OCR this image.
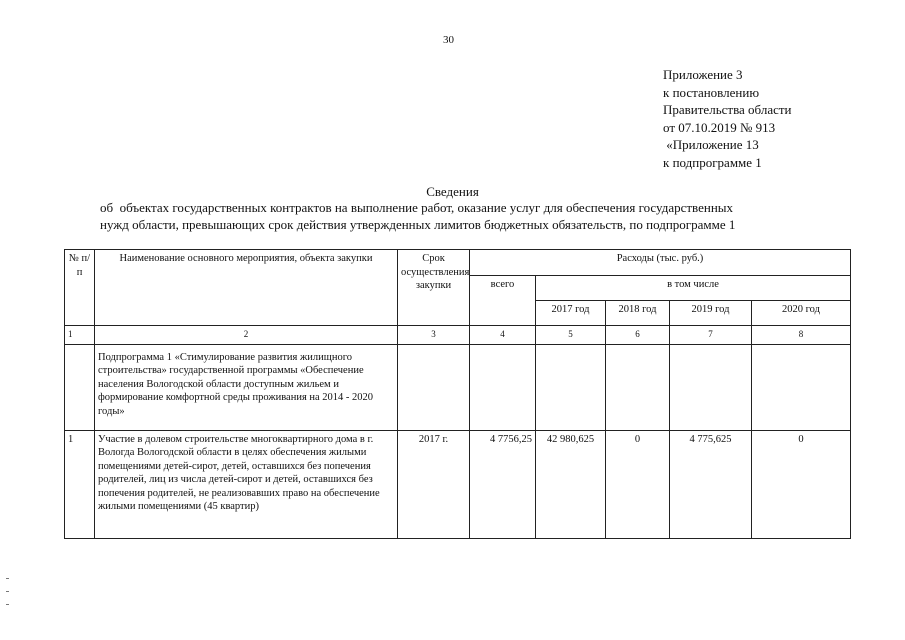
30
Приложение 3
к постановлению
Правительства области
от 07.10.2019 № 913
«Приложение 13
к подпрограмме 1
Сведения
об  объектах государственных контрактов на выполнение работ, оказание услуг для обеспечения государственных
нужд области, превышающих срок действия утвержденных лимитов бюджетных обязательств, по подпрограмме 1
№ п/п	Наименование основного мероприятия, объекта закупки	Срок осуществления закупки	Расходы (тыс. руб.)				
			всего	в том числе			
				2017 год	2018 год	2019 год	2020 год
1	2	3	4	5	6	7	8
	Подпрограмма 1 «Стимулирование развития жилищного строительства» государственной программы «Обеспечение населения Вологодской области доступным жильем и формирование комфортной среды проживания на 2014 - 2020 годы»						
1	Участие в долевом строительстве многоквартирного дома в г. Вологда Вологодской области в целях обеспечения жилыми помещениями детей-сирот, детей, оставшихся без попечения родителей, лиц из числа детей-сирот и детей, оставшихся без попечения родителей, не реализовавших право на обеспечение жилыми помещениями (45 квартир)	2017 г.	4 7756,25	42 980,625	0	4 775,625	0
